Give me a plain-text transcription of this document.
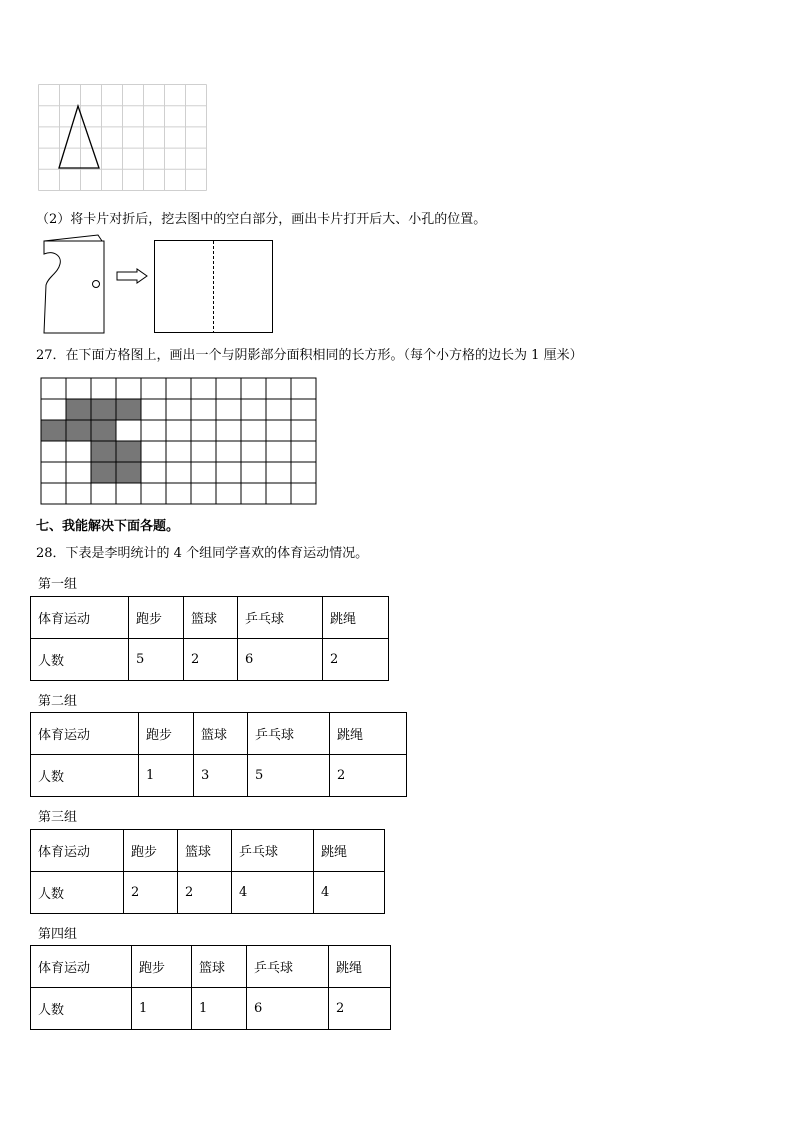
（2）将卡片对折后，挖去图中的空白部分，画出卡片打开后大、小孔的位置。
27．在下面方格图上，画出一个与阴影部分面积相同的长方形。（每个小方格的边长为 1 厘米）
七、我能解决下面各题。
28．下表是李明统计的 4 个组同学喜欢的体育运动情况。
第一组
体育运动	跑步	篮球	乒乓球	跳绳
人数	5	2	6	2
第二组
体育运动	跑步	篮球	乒乓球	跳绳
人数	1	3	5	2
第三组
体育运动	跑步	篮球	乒乓球	跳绳
人数	2	2	4	4
第四组
体育运动	跑步	篮球	乒乓球	跳绳
人数	1	1	6	2
